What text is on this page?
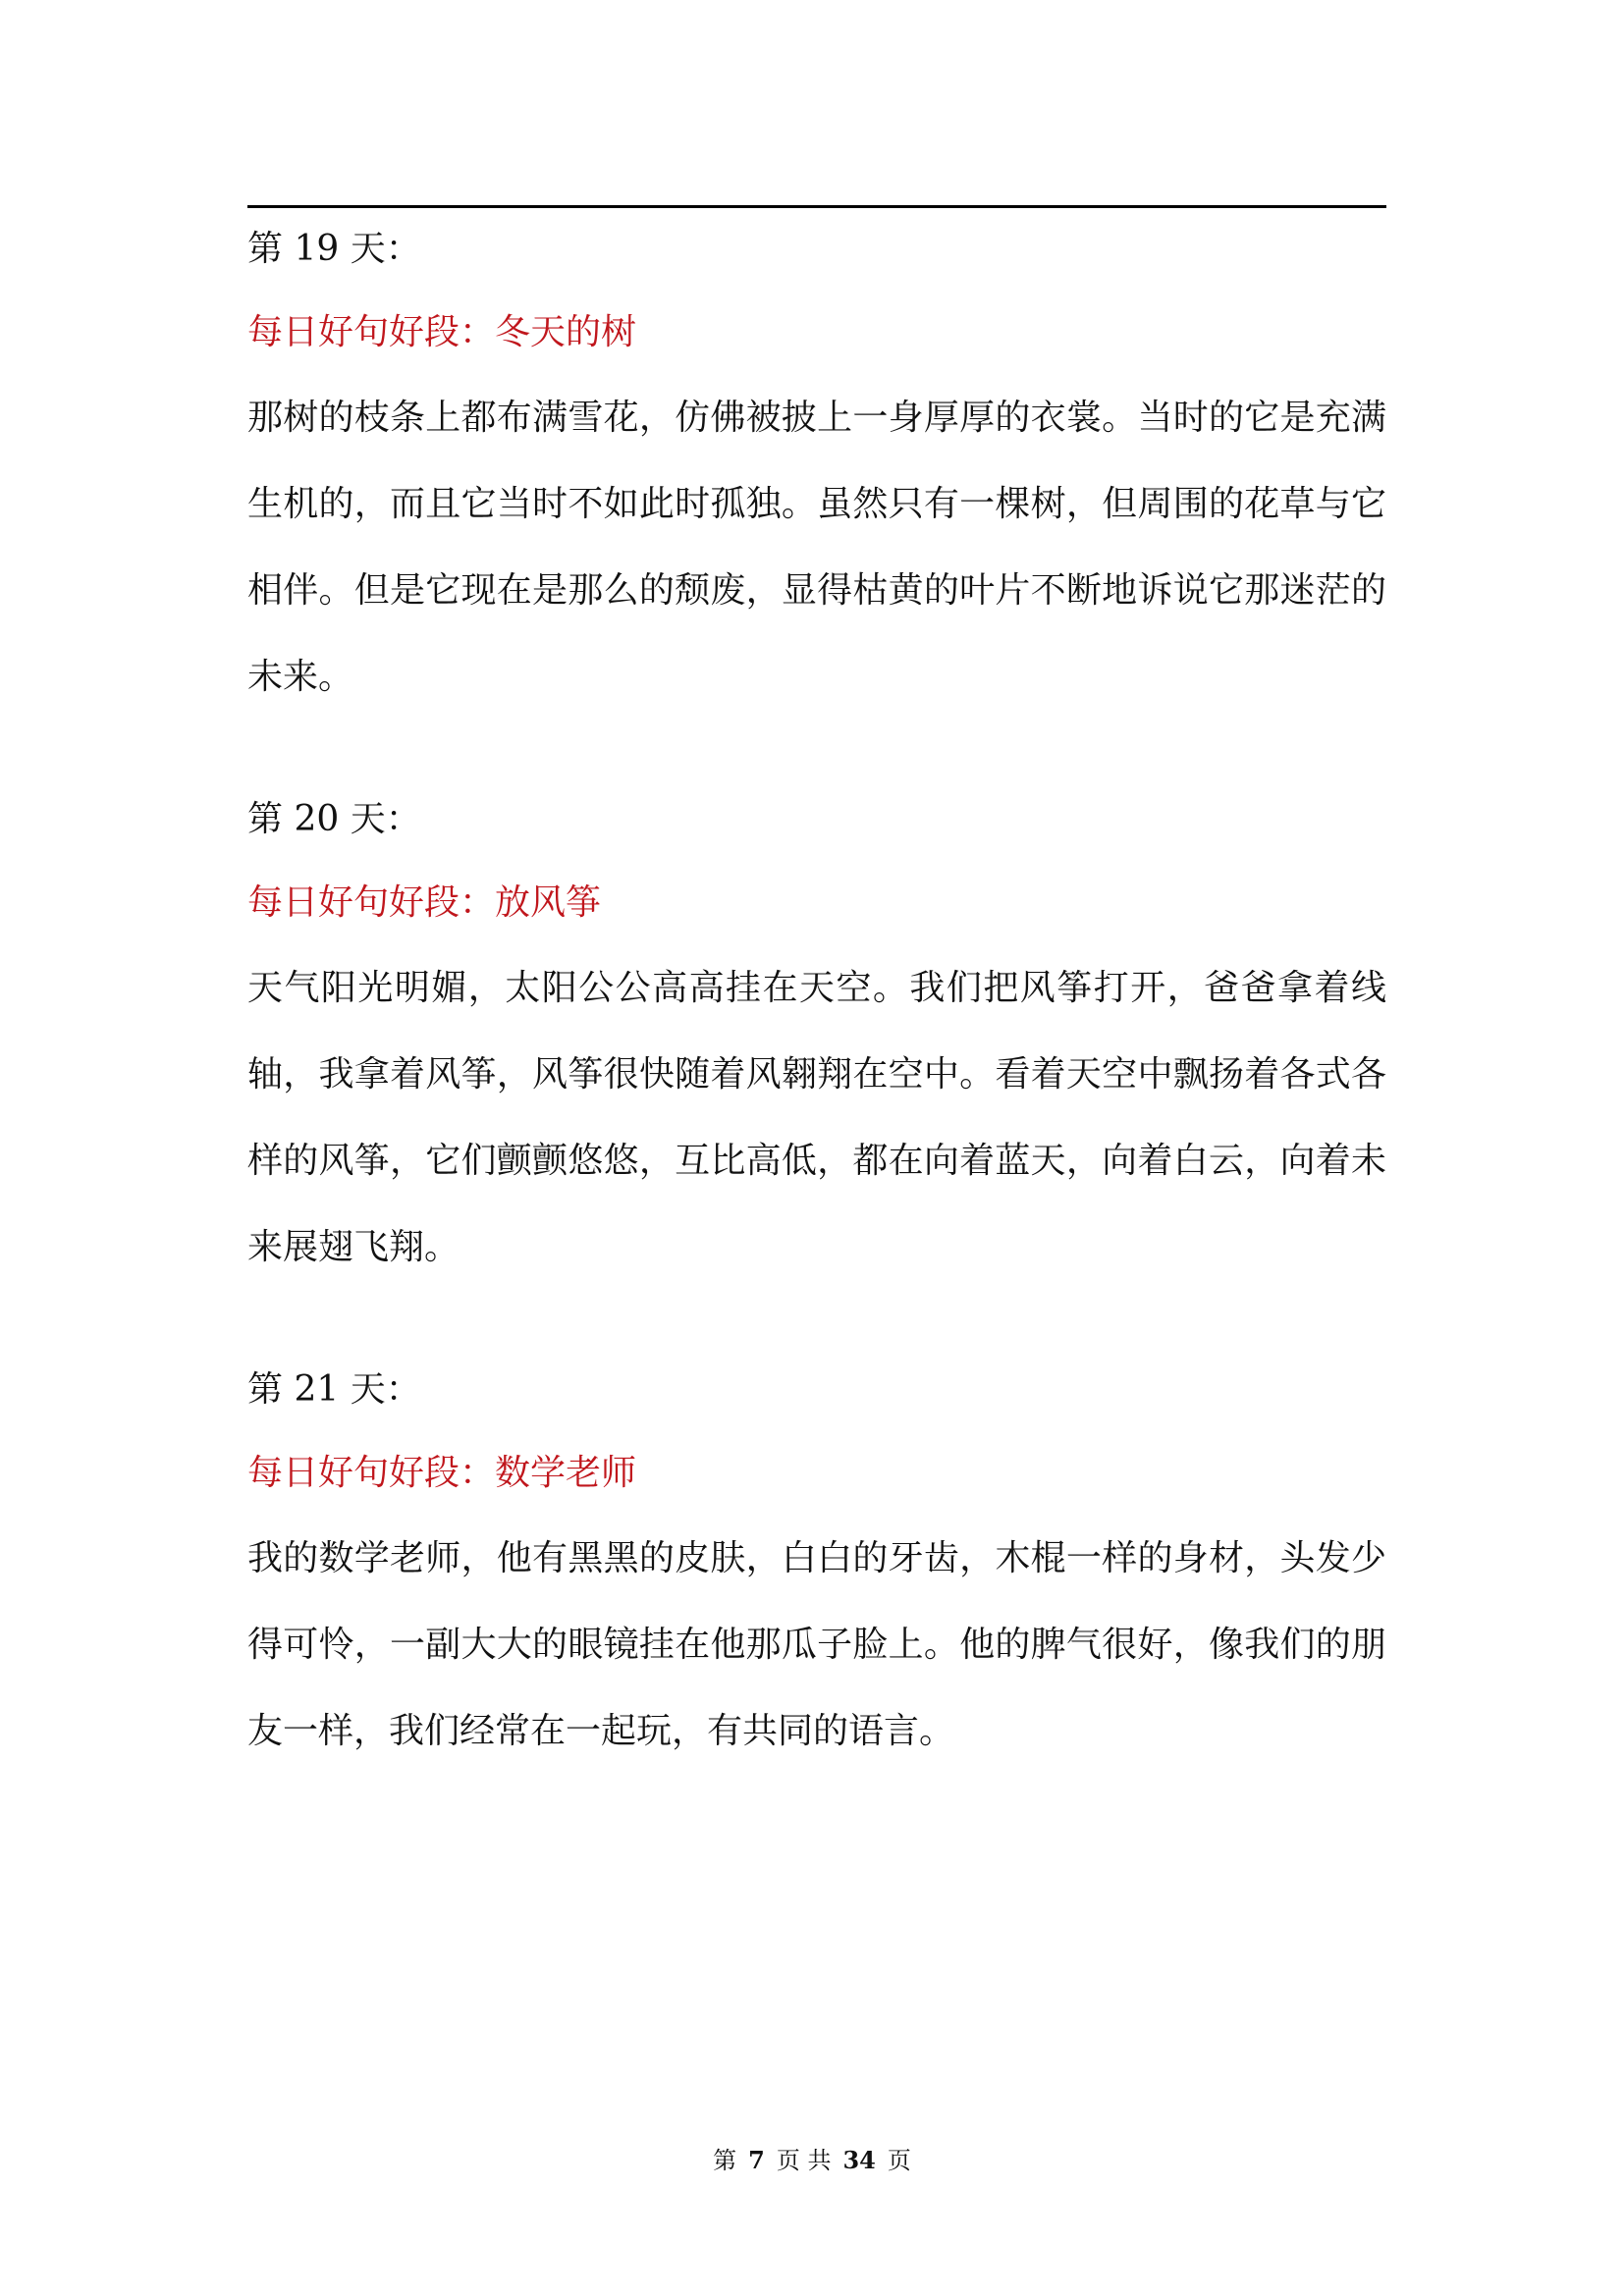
第 19 天：
每日好句好段：冬天的树
那树的枝条上都布满雪花，仿佛被披上一身厚厚的衣裳。当时的它是充满生机的，而且它当时不如此时孤独。虽然只有一棵树，但周围的花草与它相伴。但是它现在是那么的颓废，显得枯黄的叶片不断地诉说它那迷茫的未来。
第 20 天：
每日好句好段：放风筝
天气阳光明媚，太阳公公高高挂在天空。我们把风筝打开，爸爸拿着线轴，我拿着风筝，风筝很快随着风翱翔在空中。看着天空中飘扬着各式各样的风筝，它们颤颤悠悠，互比高低，都在向着蓝天，向着白云，向着未来展翅飞翔。
第 21 天：
每日好句好段：数学老师
我的数学老师，他有黑黑的皮肤，白白的牙齿，木棍一样的身材，头发少得可怜，一副大大的眼镜挂在他那瓜子脸上。他的脾气很好，像我们的朋友一样，我们经常在一起玩，有共同的语言。
第 7 页 共 34 页
